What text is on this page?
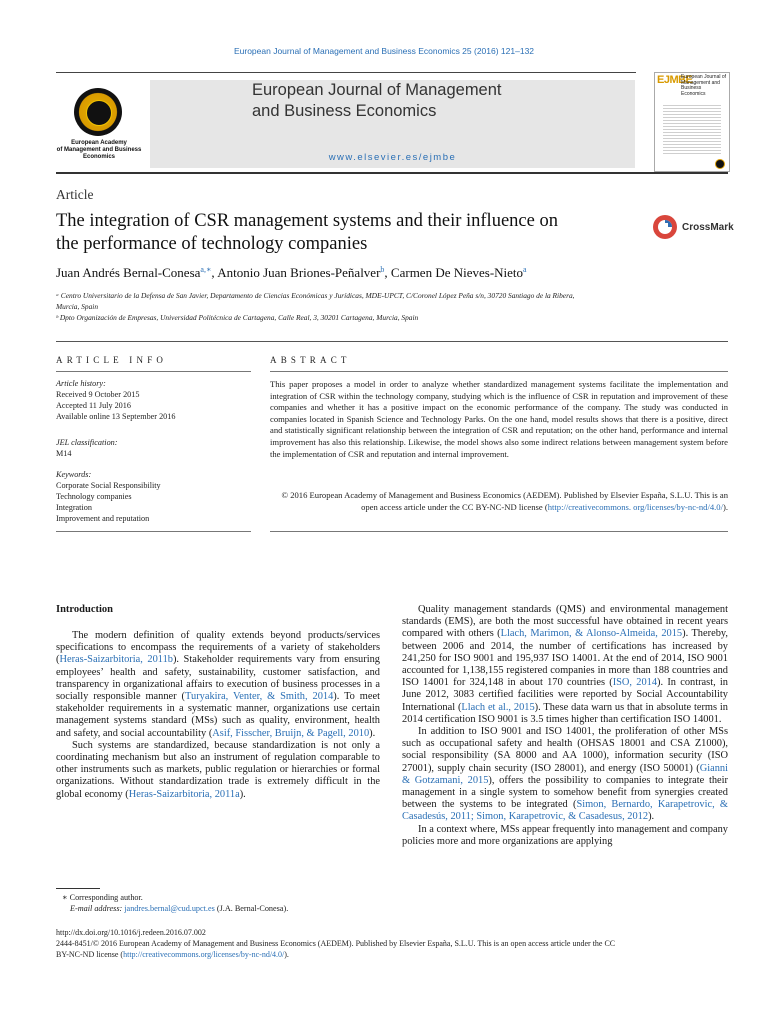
European Journal of Management and Business Economics 25 (2016) 121–132
European Academy
of Management and Business Economics
European Journal of Management
and Business Economics
www.elsevier.es/ejmbe
EJMBE
European Journal of Management and Business Economics
Article
The integration of CSR management systems and their influence on
the performance of technology companies
CrossMark
Juan Andrés Bernal-Conesa$^{a,∗}$, Antonio Juan Briones-Peñalver$^b$, Carmen De Nieves-Nieto$^a$
ᵃ Centro Universitario de la Defensa de San Javier, Departamento de Ciencias Económicas y Jurídicas, MDE-UPCT, C/Coronel López Peña s/n, 30720 Santiago de la Ribera,
Murcia, Spain
ᵇ Dpto Organización de Empresas, Universidad Politécnica de Cartagena, Calle Real, 3, 30201 Cartagena, Murcia, Spain
ARTICLE INFO
Article history:
Received 9 October 2015
Accepted 11 July 2016
Available online 13 September 2016
JEL classification:
M14
Keywords:
Corporate Social Responsibility
Technology companies
Integration
Improvement and reputation
ABSTRACT
This paper proposes a model in order to analyze whether standardized management systems facilitate the implementation and integration of CSR within the technology company, studying which is the influence of CSR in reputation and improvement of these companies and whether it has a positive impact on the economic performance of the company. The study was conducted in companies located in Spanish Science and Technology Parks. On the one hand, model results shows that there is a positive, direct and statistically significant relationship between the integration of CSR and reputation; on the other hand, performance and internal improvement has also this relationship. Likewise, the model shows also some indirect relations between management system before the implementation of CSR and reputation and internal improvement.
© 2016 European Academy of Management and Business Economics (AEDEM). Published by Elsevier España, S.L.U. This is an open access article under the CC BY-NC-ND license (http://creativecommons. org/licenses/by-nc-nd/4.0/).
Introduction

The modern definition of quality extends beyond products/services specifications to encompass the requirements of a variety of stakeholders (Heras-Saizarbitoria, 2011b). Stakeholder requirements vary from ensuring employees’ health and safety, sustainability, customer satisfaction, and transparency in organizational affairs to execution of business processes in a socially responsible manner (Turyakira, Venter, & Smith, 2014). To meet stakeholder requirements in a systematic manner, organizations use certain management systems standard (MSs) such as quality, environment, health and safety, and social accountability (Asif, Fisscher, Bruijn, & Pagell, 2010).

Such systems are standardized, because standardization is not only a coordinating mechanism but also an instrument of regulation comparable to other instruments such as markets, public regulation or hierarchies or formal organizations. Without standardization trade is extremely difficult in the global economy (Heras-Saizarbitoria, 2011a).

Quality management standards (QMS) and environmental management standards (EMS), are both the most successful have obtained in recent years compared with others (Llach, Marimon, & Alonso-Almeida, 2015). Thereby, between 2006 and 2014, the number of certifications has increased by 241,250 for ISO 9001 and 195,937 ISO 14001. At the end of 2014, ISO 9001 accounted for 1,138,155 registered companies in more than 188 countries and ISO 14001 for 324,148 in about 170 countries (ISO, 2014). In contrast, in June 2012, 3083 certified facilities were reported by Social Accountability International (Llach et al., 2015). These data warn us that in absolute terms in 2014 certification ISO 9001 is 3.5 times higher than certification ISO 14001.

In addition to ISO 9001 and ISO 14001, the proliferation of other MSs such as occupational safety and health (OHSAS 18001 and CSA Z1000), social responsibility (SA 8000 and AA 1000), information security (ISO 27001), supply chain security (ISO 28001), and energy (ISO 50001) (Gianni & Gotzamani, 2015), offers the possibility to companies to integrate their management in a single system to somehow benefit from synergies created between the systems to be integrated (Simon, Bernardo, Karapetrovic, & Casadesús, 2011; Simon, Karapetrovic, & Casadesus, 2012).

In a context where, MSs appear frequently into management and company policies more and more organizations are applying

∗ Corresponding author.
E-mail address: jandres.bernal@cud.upct.es (J.A. Bernal-Conesa).
http://dx.doi.org/10.1016/j.redeen.2016.07.002
2444-8451/© 2016 European Academy of Management and Business Economics (AEDEM). Published by Elsevier España, S.L.U. This is an open access article under the CC
BY-NC-ND license (http://creativecommons.org/licenses/by-nc-nd/4.0/).
